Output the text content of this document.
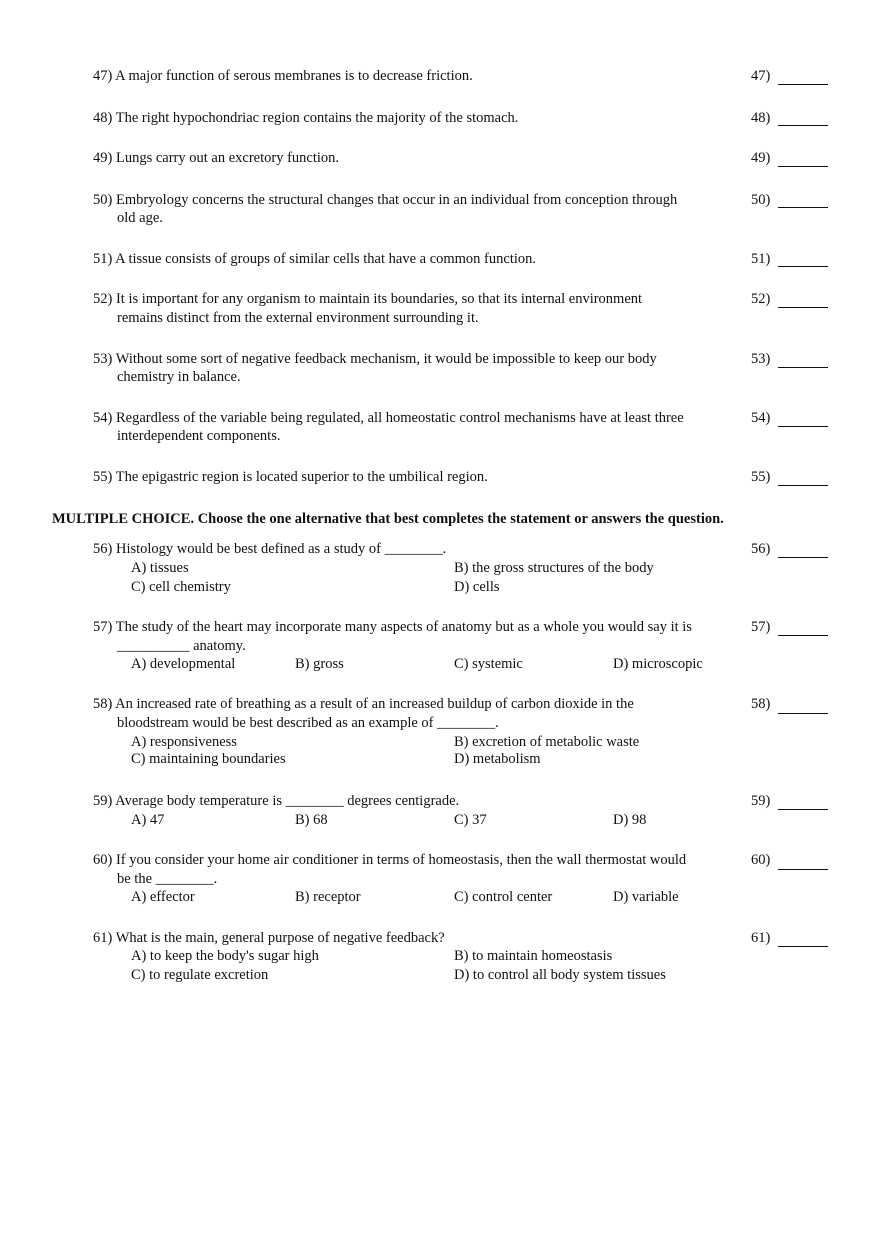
47) A major function of serous membranes is to decrease friction.	47)
48) The right hypochondriac region contains the majority of the stomach.	48)
49) Lungs carry out an excretory function.	49)
50) Embryology concerns the structural changes that occur in an individual from conception through
old age.
50)
51) A tissue consists of groups of similar cells that have a common function.	51)
52) It is important for any organism to maintain its boundaries, so that its internal environment
remains distinct from the external environment surrounding it.
52)
53) Without some sort of negative feedback mechanism, it would be impossible to keep our body
chemistry in balance.
53)
54) Regardless of the variable being regulated, all homeostatic control mechanisms have at least three
interdependent components.
54)
55) The epigastric region is located superior to the umbilical region.	55)
MULTIPLE CHOICE. Choose the one alternative that best completes the statement or answers the question.
56) Histology would be best defined as a study of ________.	56)
A) tissues	B) the gross structures of the body
C) cell chemistry	D) cells
57) The study of the heart may incorporate many aspects of anatomy but as a whole you would say it is
__________ anatomy.
57)
A) developmental	B) gross	C) systemic	D) microscopic
58) An increased rate of breathing as a result of an increased buildup of carbon dioxide in the
bloodstream would be best described as an example of ________.
58)
A) responsiveness	B) excretion of metabolic waste
C) maintaining boundaries	D) metabolism
59) Average body temperature is ________ degrees centigrade.	59)
A) 47	B) 68	C) 37	D) 98
60) If you consider your home air conditioner in terms of homeostasis, then the wall thermostat would
be the ________.
60)
A) effector	B) receptor	C) control center	D) variable
61) What is the main, general purpose of negative feedback?	61)
A) to keep the body's sugar high	B) to maintain homeostasis
C) to regulate excretion	D) to control all body system tissues
